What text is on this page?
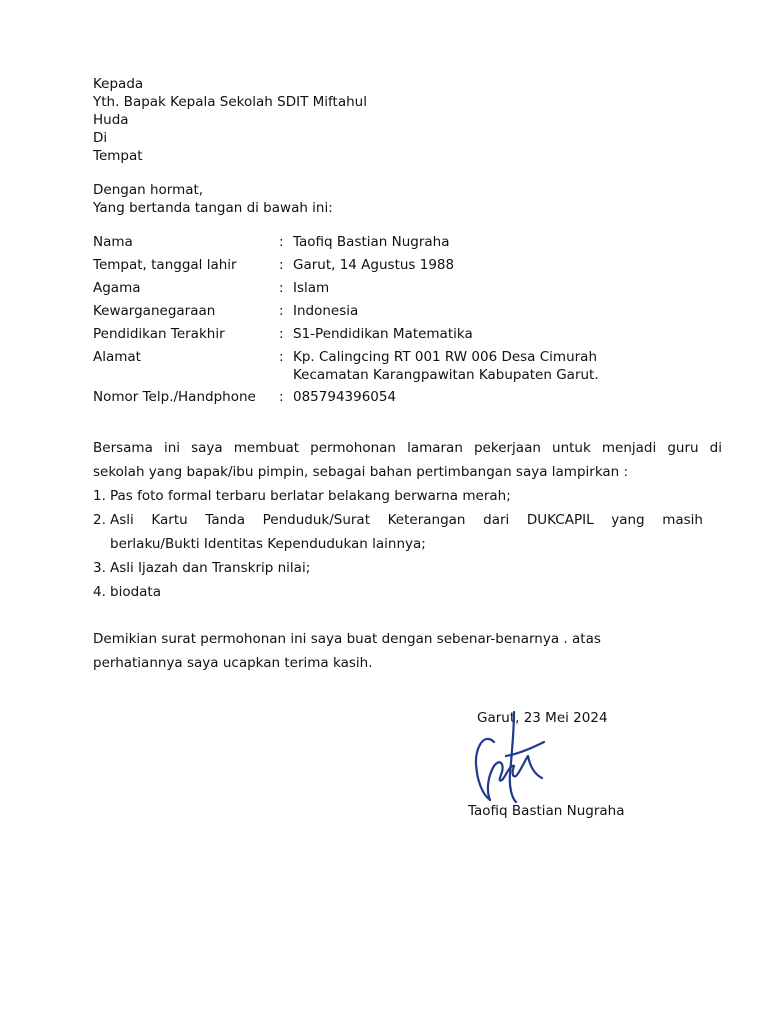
Kepada
Yth. Bapak Kepala Sekolah SDIT Miftahul
Huda
Di
Tempat
Dengan hormat,
Yang bertanda tangan di bawah ini:
Nama	: Taofiq Bastian Nugraha
Tempat, tanggal lahir	: Garut, 14 Agustus 1988
Agama	: Islam
Kewarganegaraan	: Indonesia
Pendidikan Terakhir	: S1-Pendidikan Matematika
Alamat	: Kp. Calingcing RT 001 RW 006 Desa Cimurah
Kecamatan Karangpawitan Kabupaten Garut.
Nomor Telp./Handphone : 085794396054
Bersama ini saya membuat permohonan lamaran pekerjaan untuk menjadi guru di
sekolah yang bapak/ibu pimpin, sebagai bahan pertimbangan saya lampirkan :
1. Pas foto formal terbaru berlatar belakang berwarna merah;
2. Asli Kartu Tanda Penduduk/Surat Keterangan dari DUKCAPIL yang masih
berlaku/Bukti Identitas Kependudukan lainnya;
3. Asli Ijazah dan Transkrip nilai;
4. biodata
Demikian surat permohonan ini saya buat dengan sebenar-benarnya . atas
perhatiannya saya ucapkan terima kasih.
Garut, 23 Mei 2024
Taofiq Bastian Nugraha
